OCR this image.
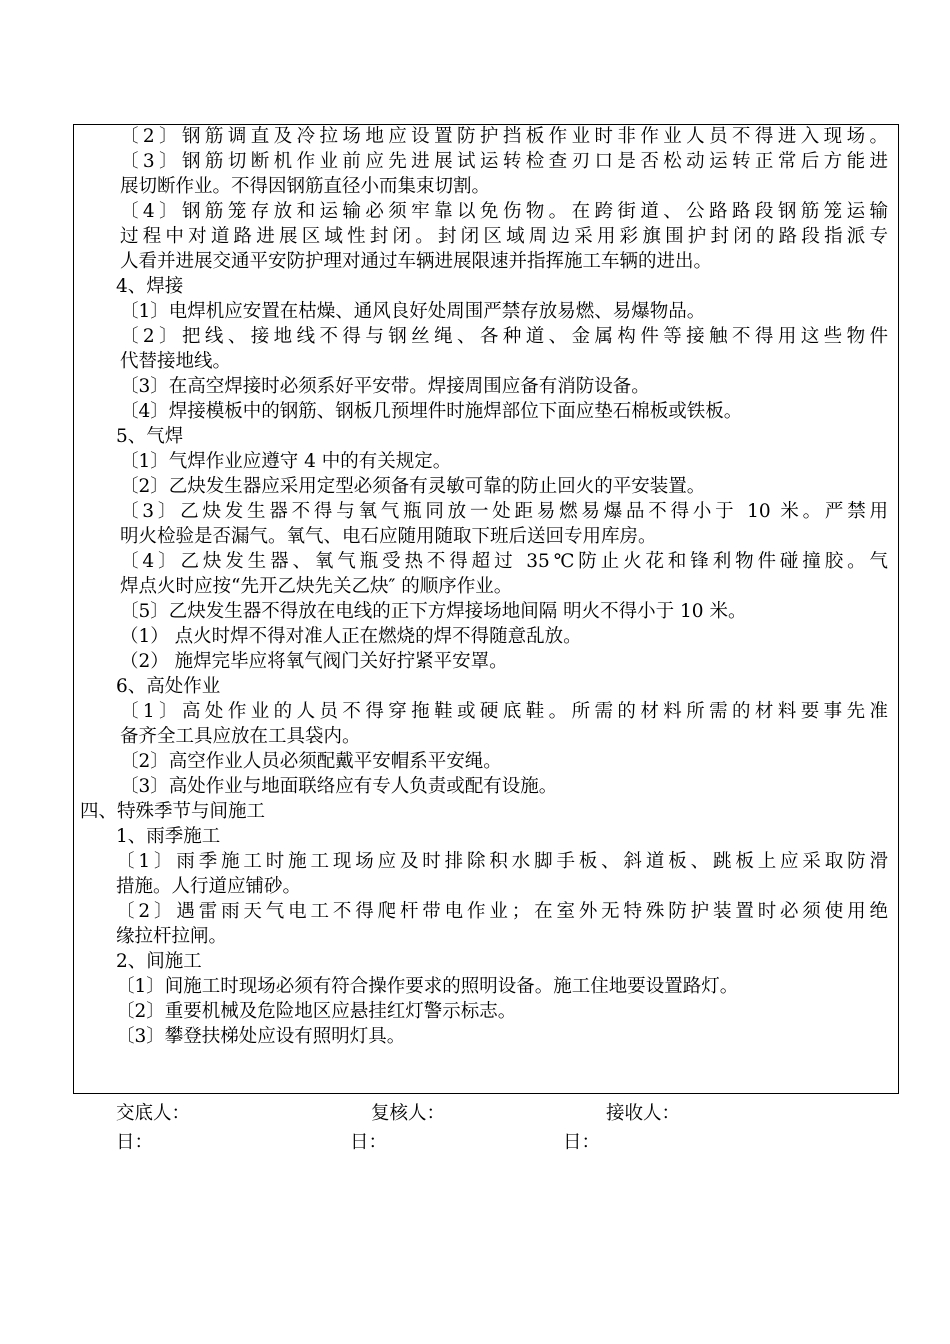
〔2〕钢筋调直及冷拉场地应设置防护挡板作业时非作业人员不得进入现场。
〔3〕钢筋切断机作业前应先进展试运转检查刃口是否松动运转正常后方能进
展切断作业。不得因钢筋直径小而集束切割。
〔4〕钢筋笼存放和运输必须牢靠以免伤物。在跨街道、公路路段钢筋笼运输
过程中对道路进展区域性封闭。封闭区域周边采用彩旗围护封闭的路段指派专
人看并进展交通平安防护理对通过车辆进展限速并指挥施工车辆的进出。
4、焊接
〔1〕电焊机应安置在枯燥、通风良好处周围严禁存放易燃、易爆物品。
〔2〕把线、接地线不得与钢丝绳、各种道、金属构件等接触不得用这些物件
代替接地线。
〔3〕在高空焊接时必须系好平安带。焊接周围应备有消防设备。
〔4〕焊接模板中的钢筋、钢板几预埋件时施焊部位下面应垫石棉板或铁板。
5、气焊
〔1〕气焊作业应遵守 4 中的有关规定。
〔2〕乙炔发生器应采用定型必须备有灵敏可靠的防止回火的平安装置。
〔3〕乙炔发生器不得与氧气瓶同放一处距易燃易爆品不得小于 10 米。严禁用
明火检验是否漏气。氧气、电石应随用随取下班后送回专用库房。
〔4〕乙炔发生器、氧气瓶受热不得超过 35℃防止火花和锋利物件碰撞胶。气
焊点火时应按“先开乙炔先关乙炔″ 的顺序作业。
〔5〕乙炔发生器不得放在电线的正下方焊接场地间隔 明火不得小于 10 米。
（1） 点火时焊不得对准人正在燃烧的焊不得随意乱放。
（2） 施焊完毕应将氧气阀门关好拧紧平安罩。
6、高处作业
〔1〕高处作业的人员不得穿拖鞋或硬底鞋。所需的材料所需的材料要事先准
备齐全工具应放在工具袋内。
〔2〕高空作业人员必须配戴平安帽系平安绳。
〔3〕高处作业与地面联络应有专人负责或配有设施。
四、特殊季节与间施工
1、雨季施工
〔1〕雨季施工时施工现场应及时排除积水脚手板、斜道板、跳板上应采取防滑
措施。人行道应铺砂。
〔2〕遇雷雨天气电工不得爬杆带电作业；在室外无特殊防护装置时必须使用绝
缘拉杆拉闸。
2、间施工
〔1〕间施工时现场必须有符合操作要求的照明设备。施工住地要设置路灯。
〔2〕重要机械及危险地区应悬挂红灯警示标志。
〔3〕攀登扶梯处应设有照明灯具。
交底人：	复核人：	接收人：
日：	日：	日：
